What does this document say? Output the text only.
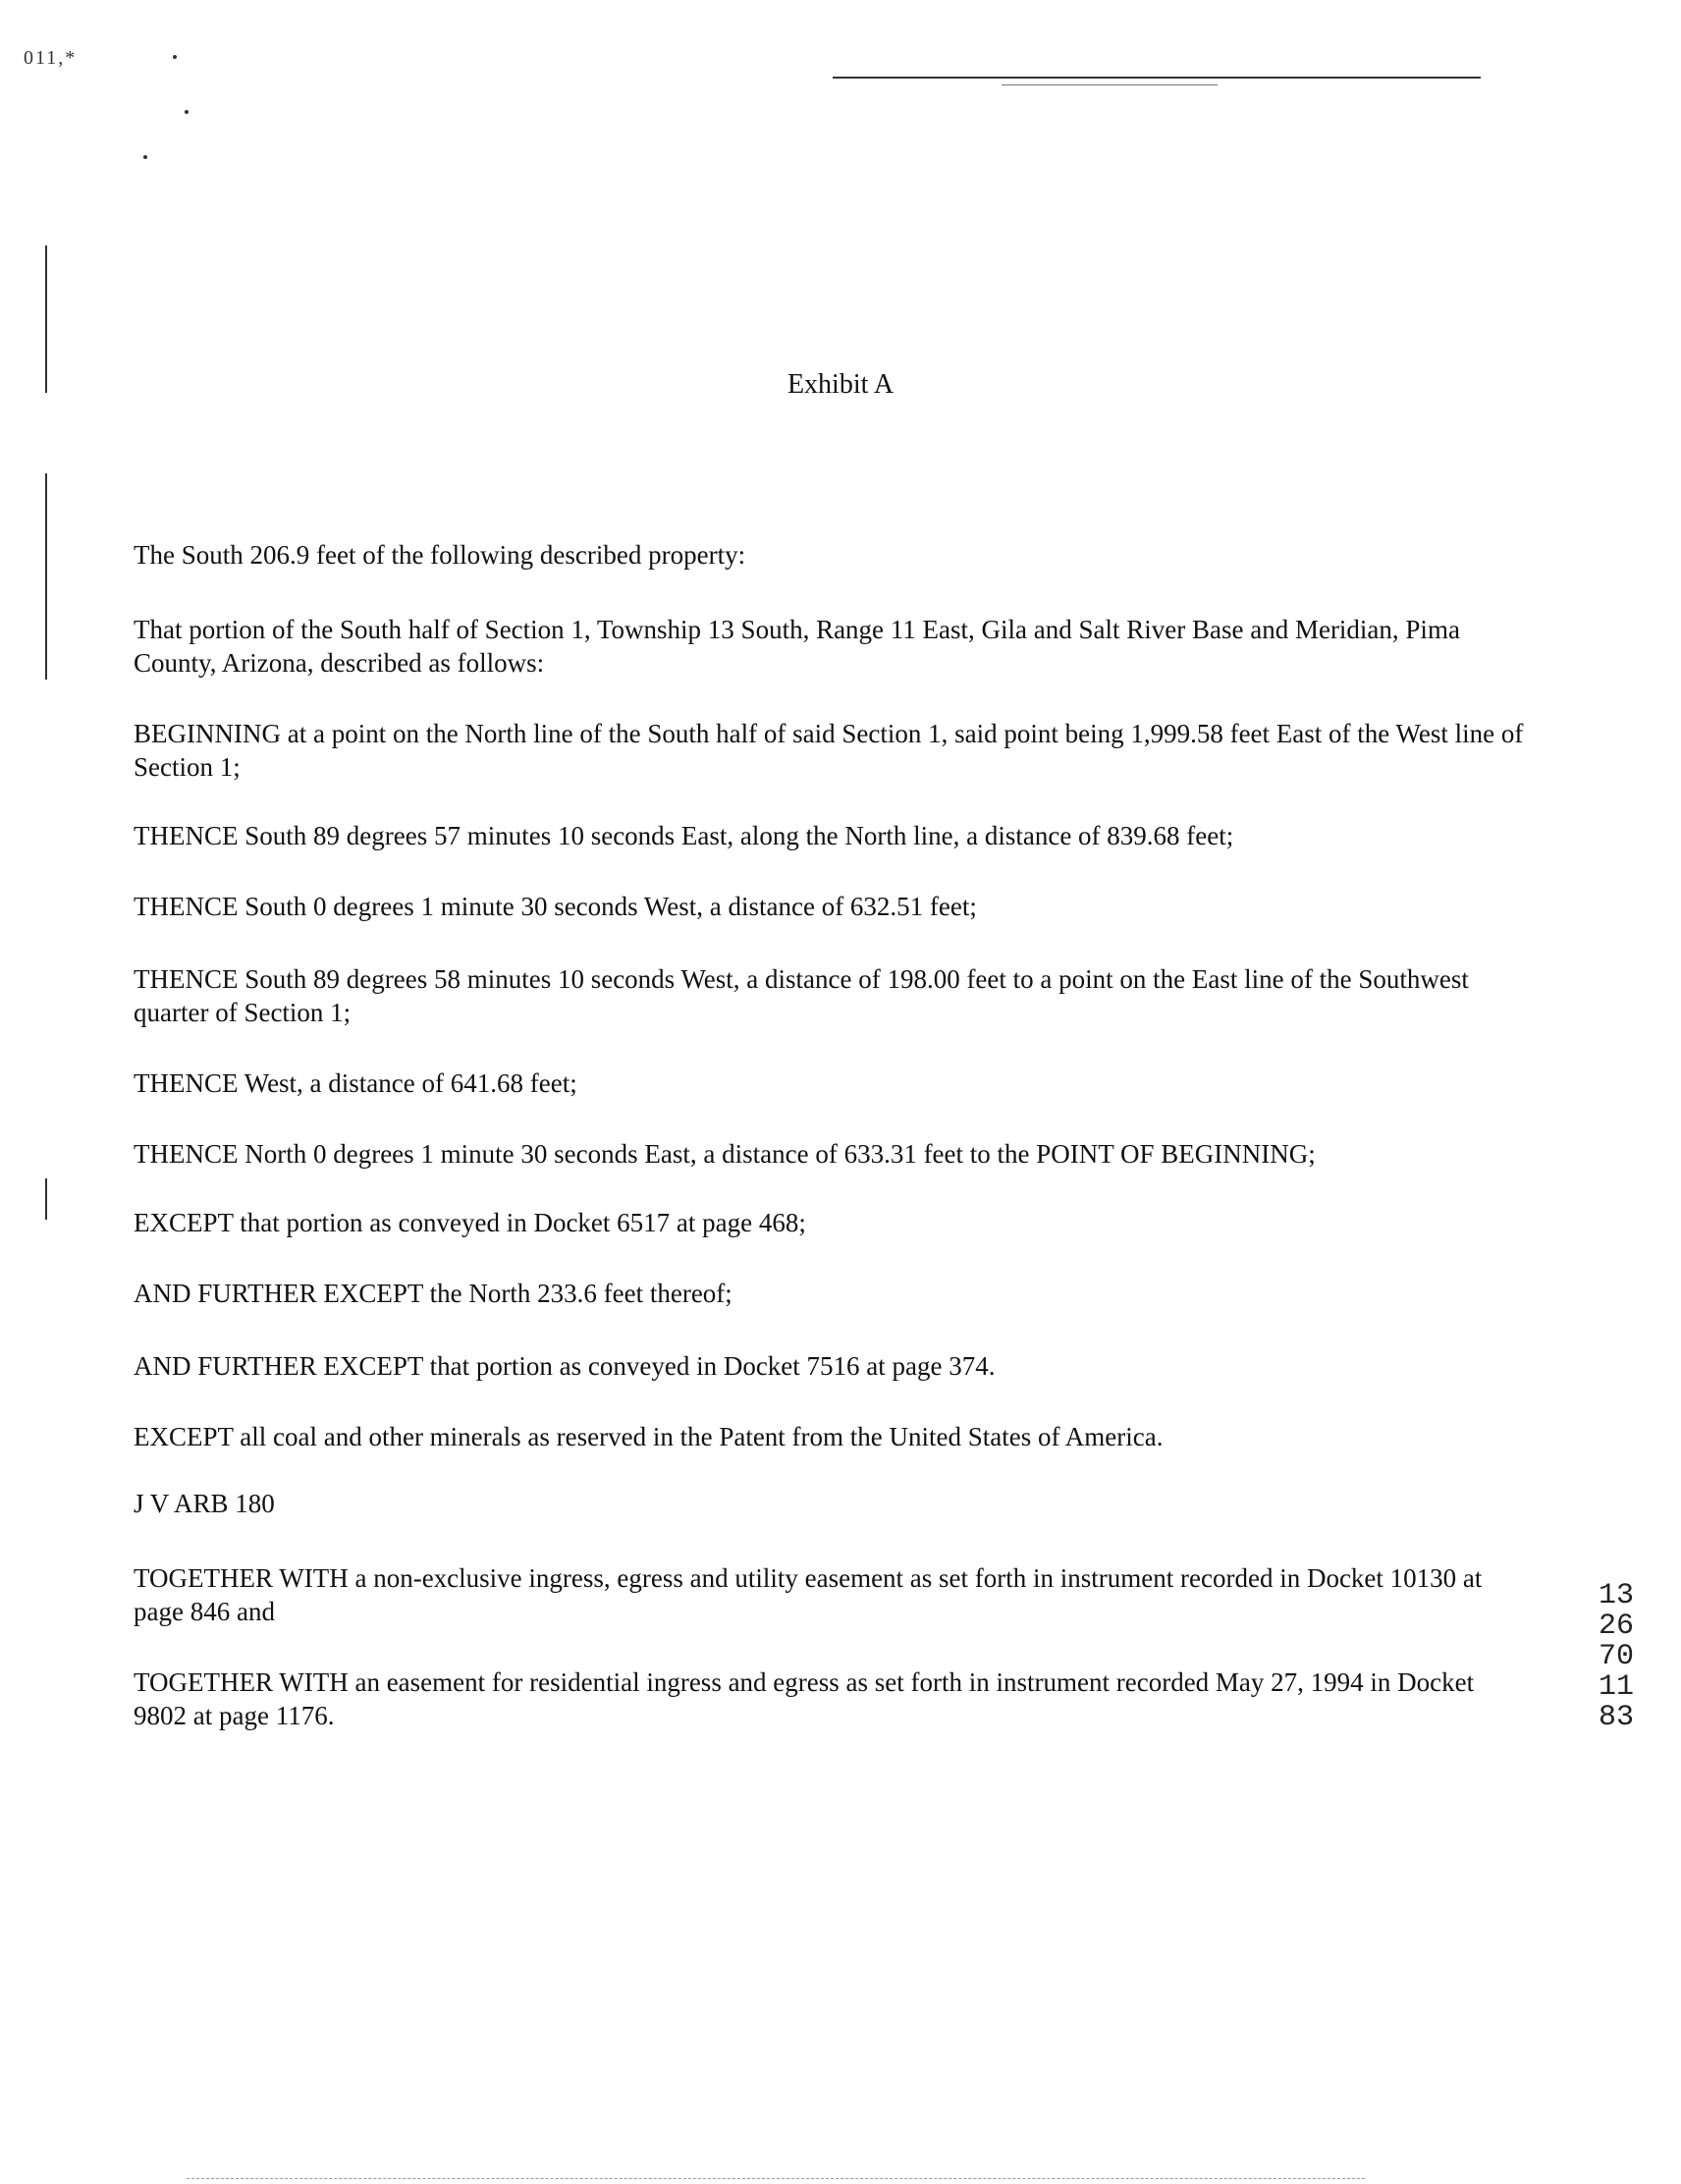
011,*
Exhibit A

The South 206.9 feet of the following described property:

That portion of the South half of Section 1, Township 13 South, Range 11 East, Gila and Salt River Base and Meridian, Pima County, Arizona, described as follows:

BEGINNING at a point on the North line of the South half of said Section 1, said point being 1,999.58 feet East of the West line of Section 1;

THENCE South 89 degrees 57 minutes 10 seconds East, along the North line, a distance of 839.68 feet;

THENCE South 0 degrees 1 minute 30 seconds West, a distance of 632.51 feet;

THENCE South 89 degrees 58 minutes 10 seconds West, a distance of 198.00 feet to a point on the East line of the Southwest quarter of Section 1;

THENCE West, a distance of 641.68 feet;

THENCE North 0 degrees 1 minute 30 seconds East, a distance of 633.31 feet to the POINT OF BEGINNING;

EXCEPT that portion as conveyed in Docket 6517 at page 468;

AND FURTHER EXCEPT the North 233.6 feet thereof;

AND FURTHER EXCEPT that portion as conveyed in Docket 7516 at page 374.

EXCEPT all coal and other minerals as reserved in the Patent from the United States of America.

J V ARB 180

TOGETHER WITH a non-exclusive ingress, egress and utility easement as set forth in instrument recorded in Docket 10130 at page 846 and

TOGETHER WITH an easement for residential ingress and egress as set forth in instrument recorded May 27, 1994 in Docket 9802 at page 1176.

1326701183
